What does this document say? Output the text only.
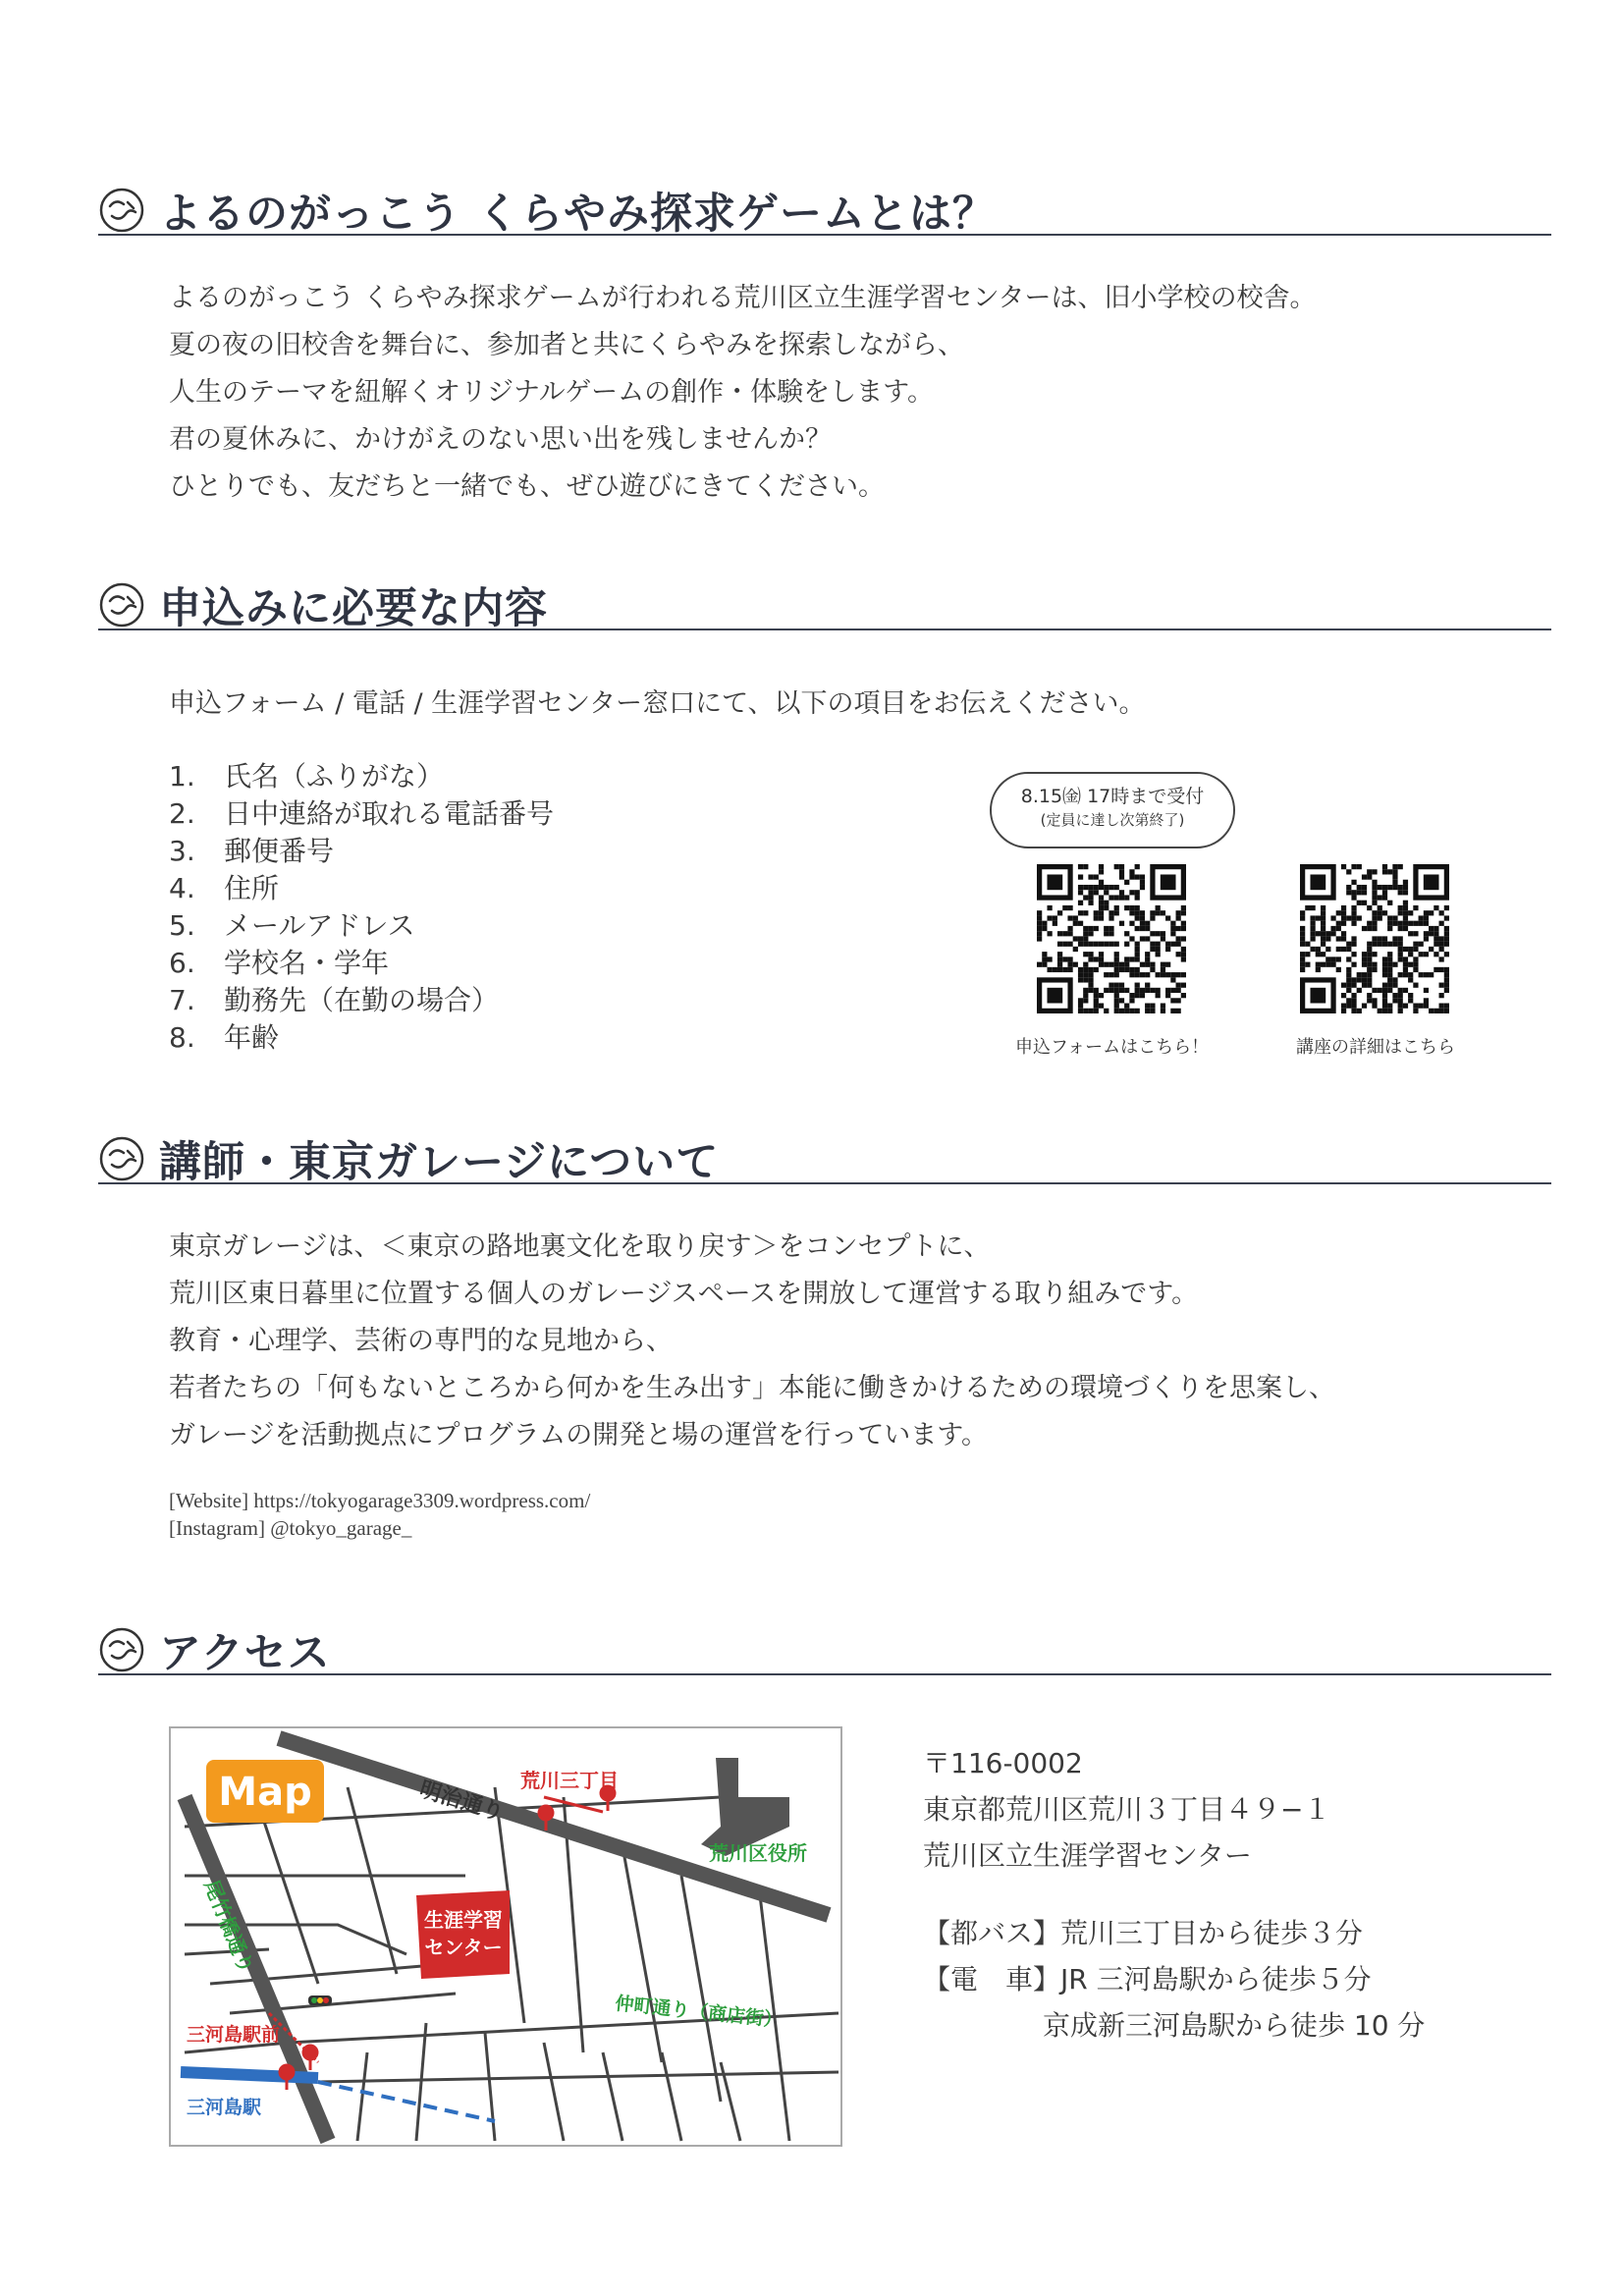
よるのがっこう くらやみ探求ゲームとは？

よるのがっこう くらやみ探求ゲームが行われる荒川区立生涯学習センターは、旧小学校の校舎。

夏の夜の旧校舎を舞台に、参加者と共にくらやみを探索しながら、

人生のテーマを紐解くオリジナルゲームの創作・体験をします。

君の夏休みに、かけがえのない思い出を残しませんか？

ひとりでも、友だちと一緒でも、ぜひ遊びにきてください。

申込みに必要な内容

申込フォーム / 電話 / 生涯学習センター窓口にて、以下の項目をお伝えください。

1. 氏名（ふりがな）
2. 日中連絡が取れる電話番号
3. 郵便番号
4. 住所
5. メールアドレス
6. 学校名・学年
7. 勤務先（在勤の場合）
8. 年齢
8.15㈮ 17時まで受付
(定員に達し次第終了)
申込フォームはこちら！	講座の詳細はこちら
講師・東京ガレージについて

東京ガレージは、＜東京の路地裏文化を取り戻す＞をコンセプトに、

荒川区東日暮里に位置する個人のガレージスペースを開放して運営する取り組みです。

教育・心理学、芸術の専門的な見地から、

若者たちの「何もないところから何かを生み出す」本能に働きかけるための環境づくりを思案し、

ガレージを活動拠点にプログラムの開発と場の運営を行っています。

[Website] https://tokyogarage3309.wordpress.com/
[Instagram] @tokyo_garage_
アクセス
Map	明治通り 荒川三丁目
荒川区役所
尾竹橋通り	生涯学習
センター
仲町通り（商店街）
三河島駅前
三河島駅
〒116-0002
東京都荒川区荒川３丁目４９−１
荒川区立生涯学習センター
【都バス】荒川三丁目から徒歩３分
【電　車】JR 三河島駅から徒歩５分
京成新三河島駅から徒歩 10 分
